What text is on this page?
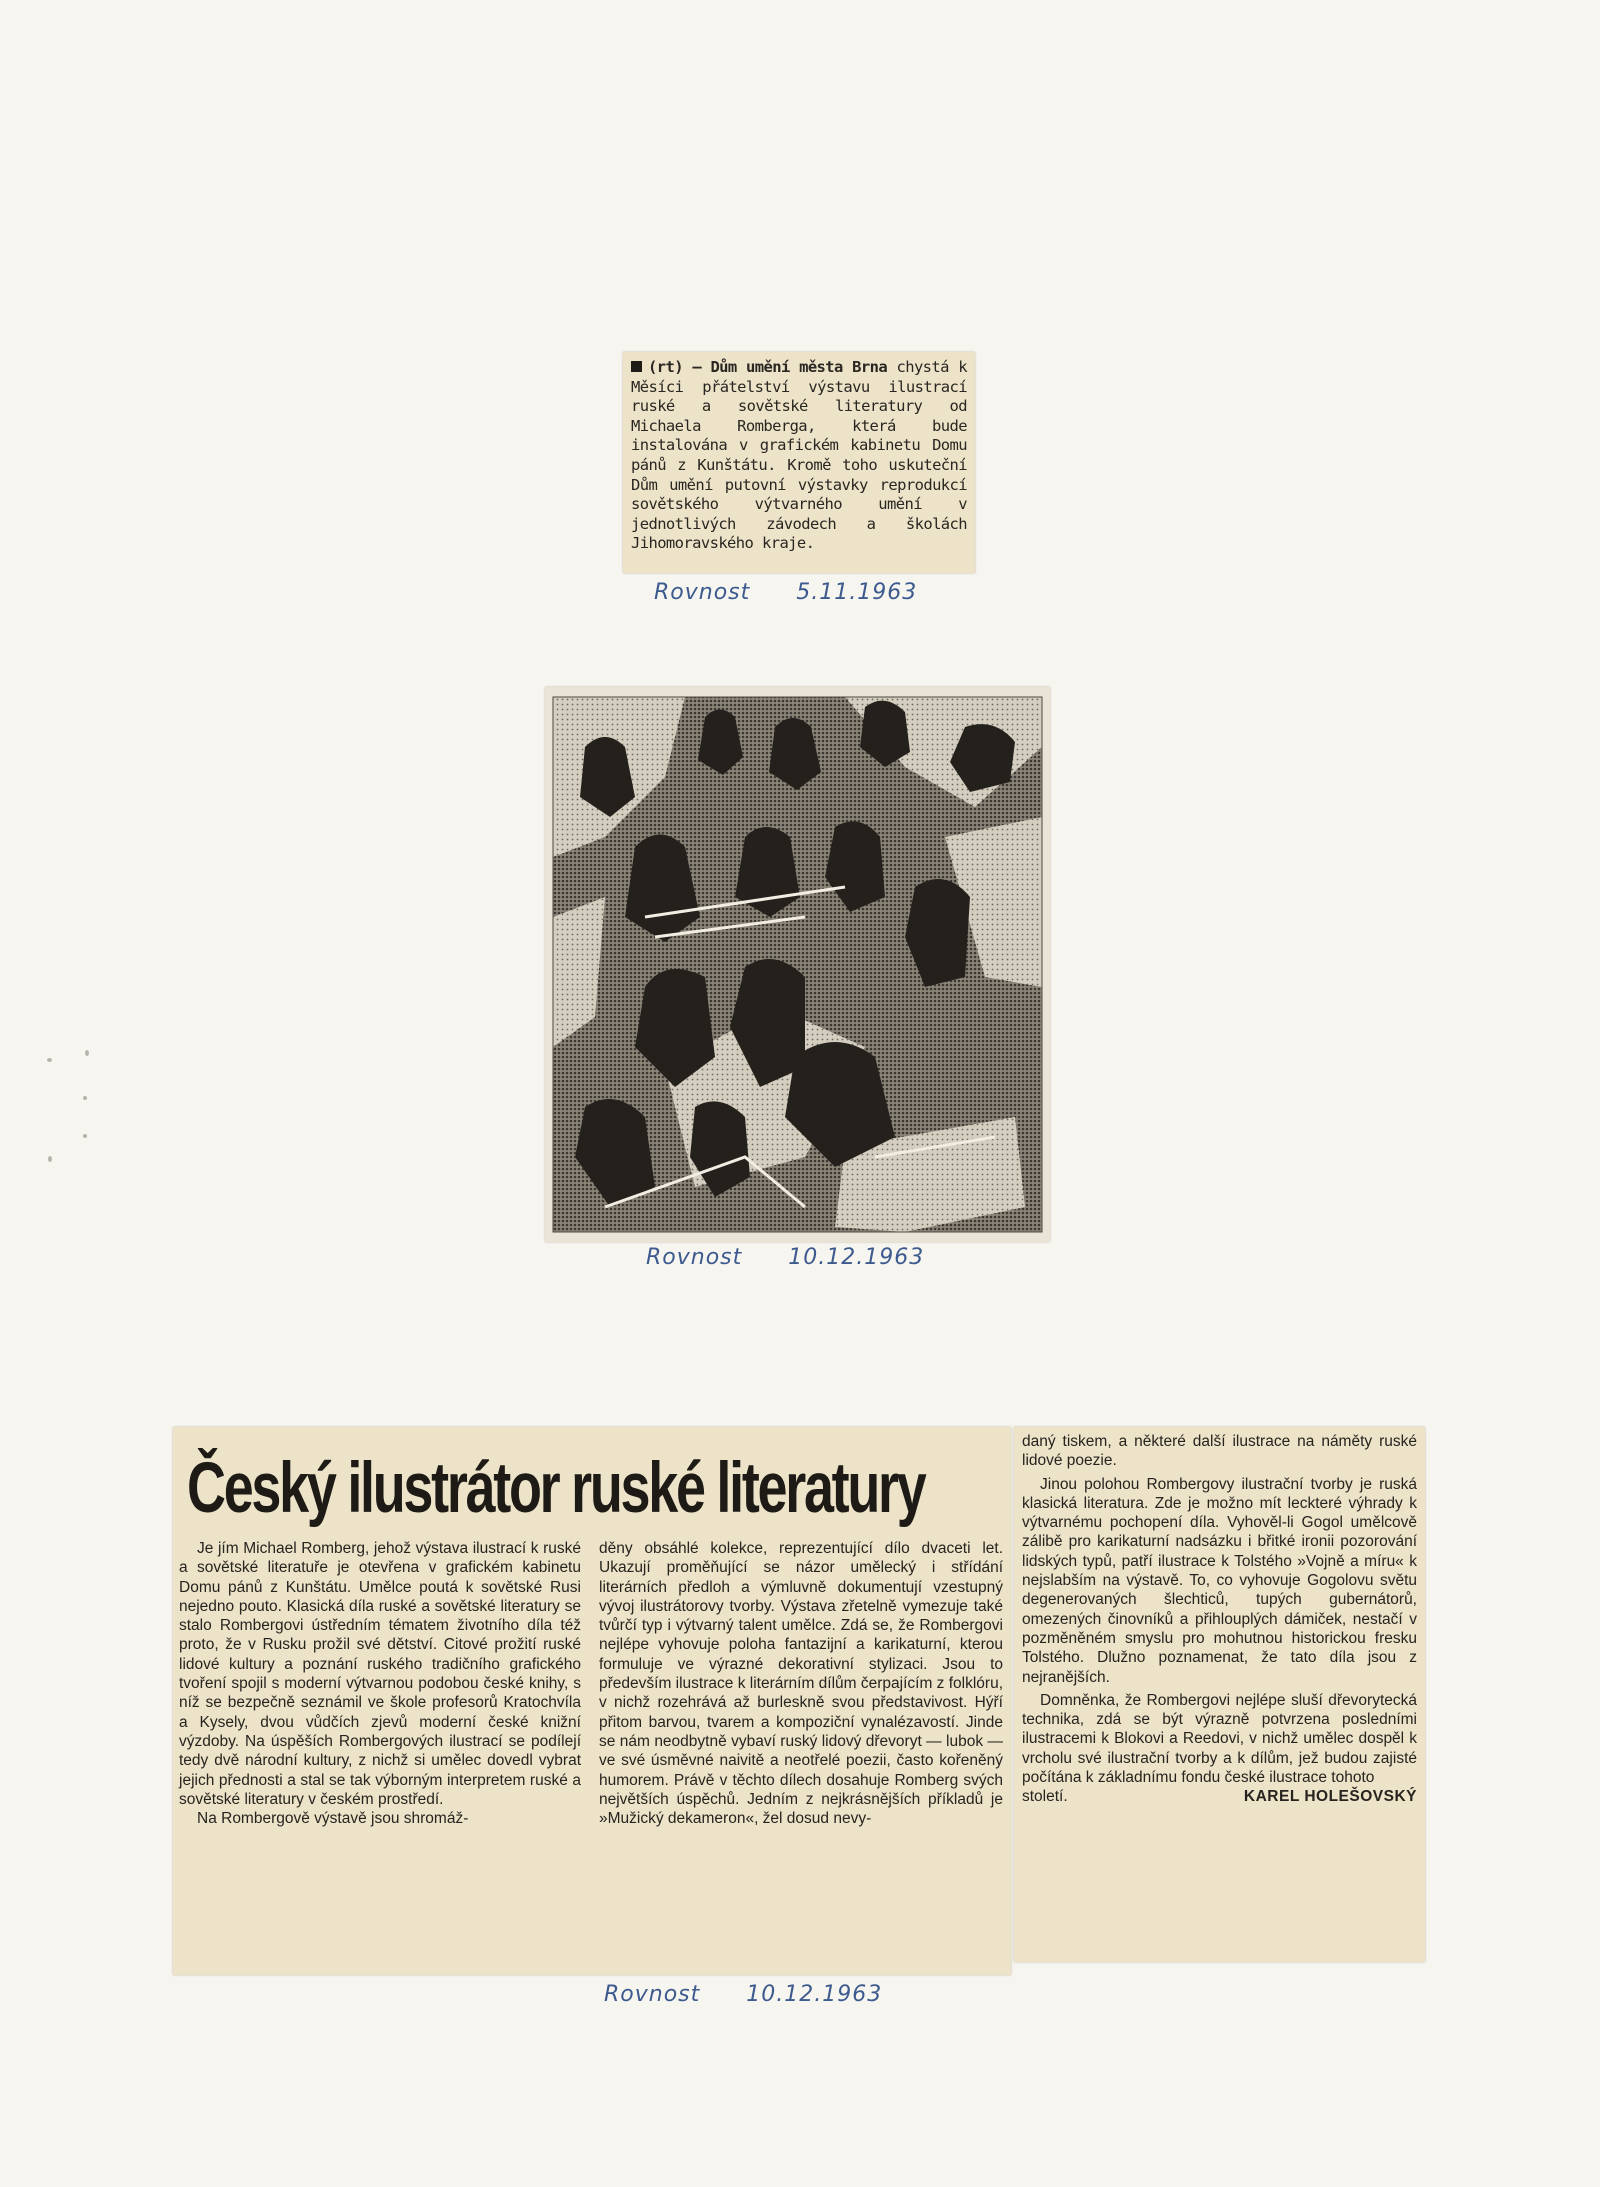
(rt) — Dům umění města Brna chystá k Měsíci přátelství výstavu ilustrací ruské a sovětské literatury od Michaela Romberga, která bude instalována v grafickém kabinetu Domu pánů z Kunštátu. Kromě toho uskuteční Dům umění putovní výstavky reprodukcí sovětského výtvarného umění v jednotlivých závodech a školách Jihomoravského kraje.

Rovnost 5.11.1963
Rovnost 10.12.1963
Český ilustrátor ruské literatury

Je jím Michael Romberg, jehož výstava ilustrací k ruské a sovětské literatuře je otevřena v grafickém kabinetu Domu pánů z Kunštátu. Umělce poutá k sovětské Rusi nejedno pouto. Klasická díla ruské a sovětské literatury se stalo Rombergovi ústředním tématem životního díla též proto, že v Rusku prožil své dětství. Citové prožití ruské lidové kultury a poznání ruského tradičního grafického tvoření spojil s moderní výtvarnou podobou české knihy, s níž se bezpečně seznámil ve škole profesorů Kratochvíla a Kysely, dvou vůdčích zjevů moderní české knižní výzdoby. Na úspěších Rombergových ilustrací se podílejí tedy dvě národní kultury, z nichž si umělec dovedl vybrat jejich přednosti a stal se tak výborným interpretem ruské a sovětské literatury v českém prostředí.

Na Rombergově výstavě jsou shromáž-

děny obsáhlé kolekce, reprezentující dílo dvaceti let. Ukazují proměňující se názor umělecký i střídání literárních předloh a výmluvně dokumentují vzestupný vývoj ilustrátorovy tvorby. Výstava zřetelně vymezuje také tvůrčí typ i výtvarný talent umělce. Zdá se, že Rombergovi nejlépe vyhovuje poloha fantazijní a karikaturní, kterou formuluje ve výrazné dekorativní stylizaci. Jsou to především ilustrace k literárním dílům čerpajícím z folklóru, v nichž rozehrává až burleskně svou představivost. Hýří přitom barvou, tvarem a kompoziční vynalézavostí. Jinde se nám neodbytně vybaví ruský lidový dřevoryt — lubok — ve své úsměvné naivitě a neotřelé poezii, často kořeněný humorem. Právě v těchto dílech dosahuje Romberg svých největších úspěchů. Jedním z nejkrásnějších příkladů je »Mužický dekameron«, žel dosud nevy-

daný tiskem, a některé další ilustrace na náměty ruské lidové poezie.

Jinou polohou Rombergovy ilustrační tvorby je ruská klasická literatura. Zde je možno mít leckteré výhrady k výtvarnému pochopení díla. Vyhověl-li Gogol umělcově zálibě pro karikaturní nadsázku i břitké ironii pozorování lidských typů, patří ilustrace k Tolstého »Vojně a míru« k nejslabším na výstavě. To, co vyhovuje Gogolovu světu degenerovaných šlechticů, tupých gubernátorů, omezených činovníků a přihlouplých dámiček, nestačí v pozměněném smyslu pro mohutnou historickou fresku Tolstého. Dlužno poznamenat, že tato díla jsou z nejranějších.

Domněnka, že Rombergovi nejlépe sluší dřevorytecká technika, zdá se být výrazně potvrzena posledními ilustracemi k Blokovi a Reedovi, v nichž umělec dospěl k vrcholu své ilustrační tvorby a k dílům, jež budou zajisté počítána k základnímu fondu české ilustrace tohoto

století.	KAREL HOLEŠOVSKÝ
Rovnost 10.12.1963
